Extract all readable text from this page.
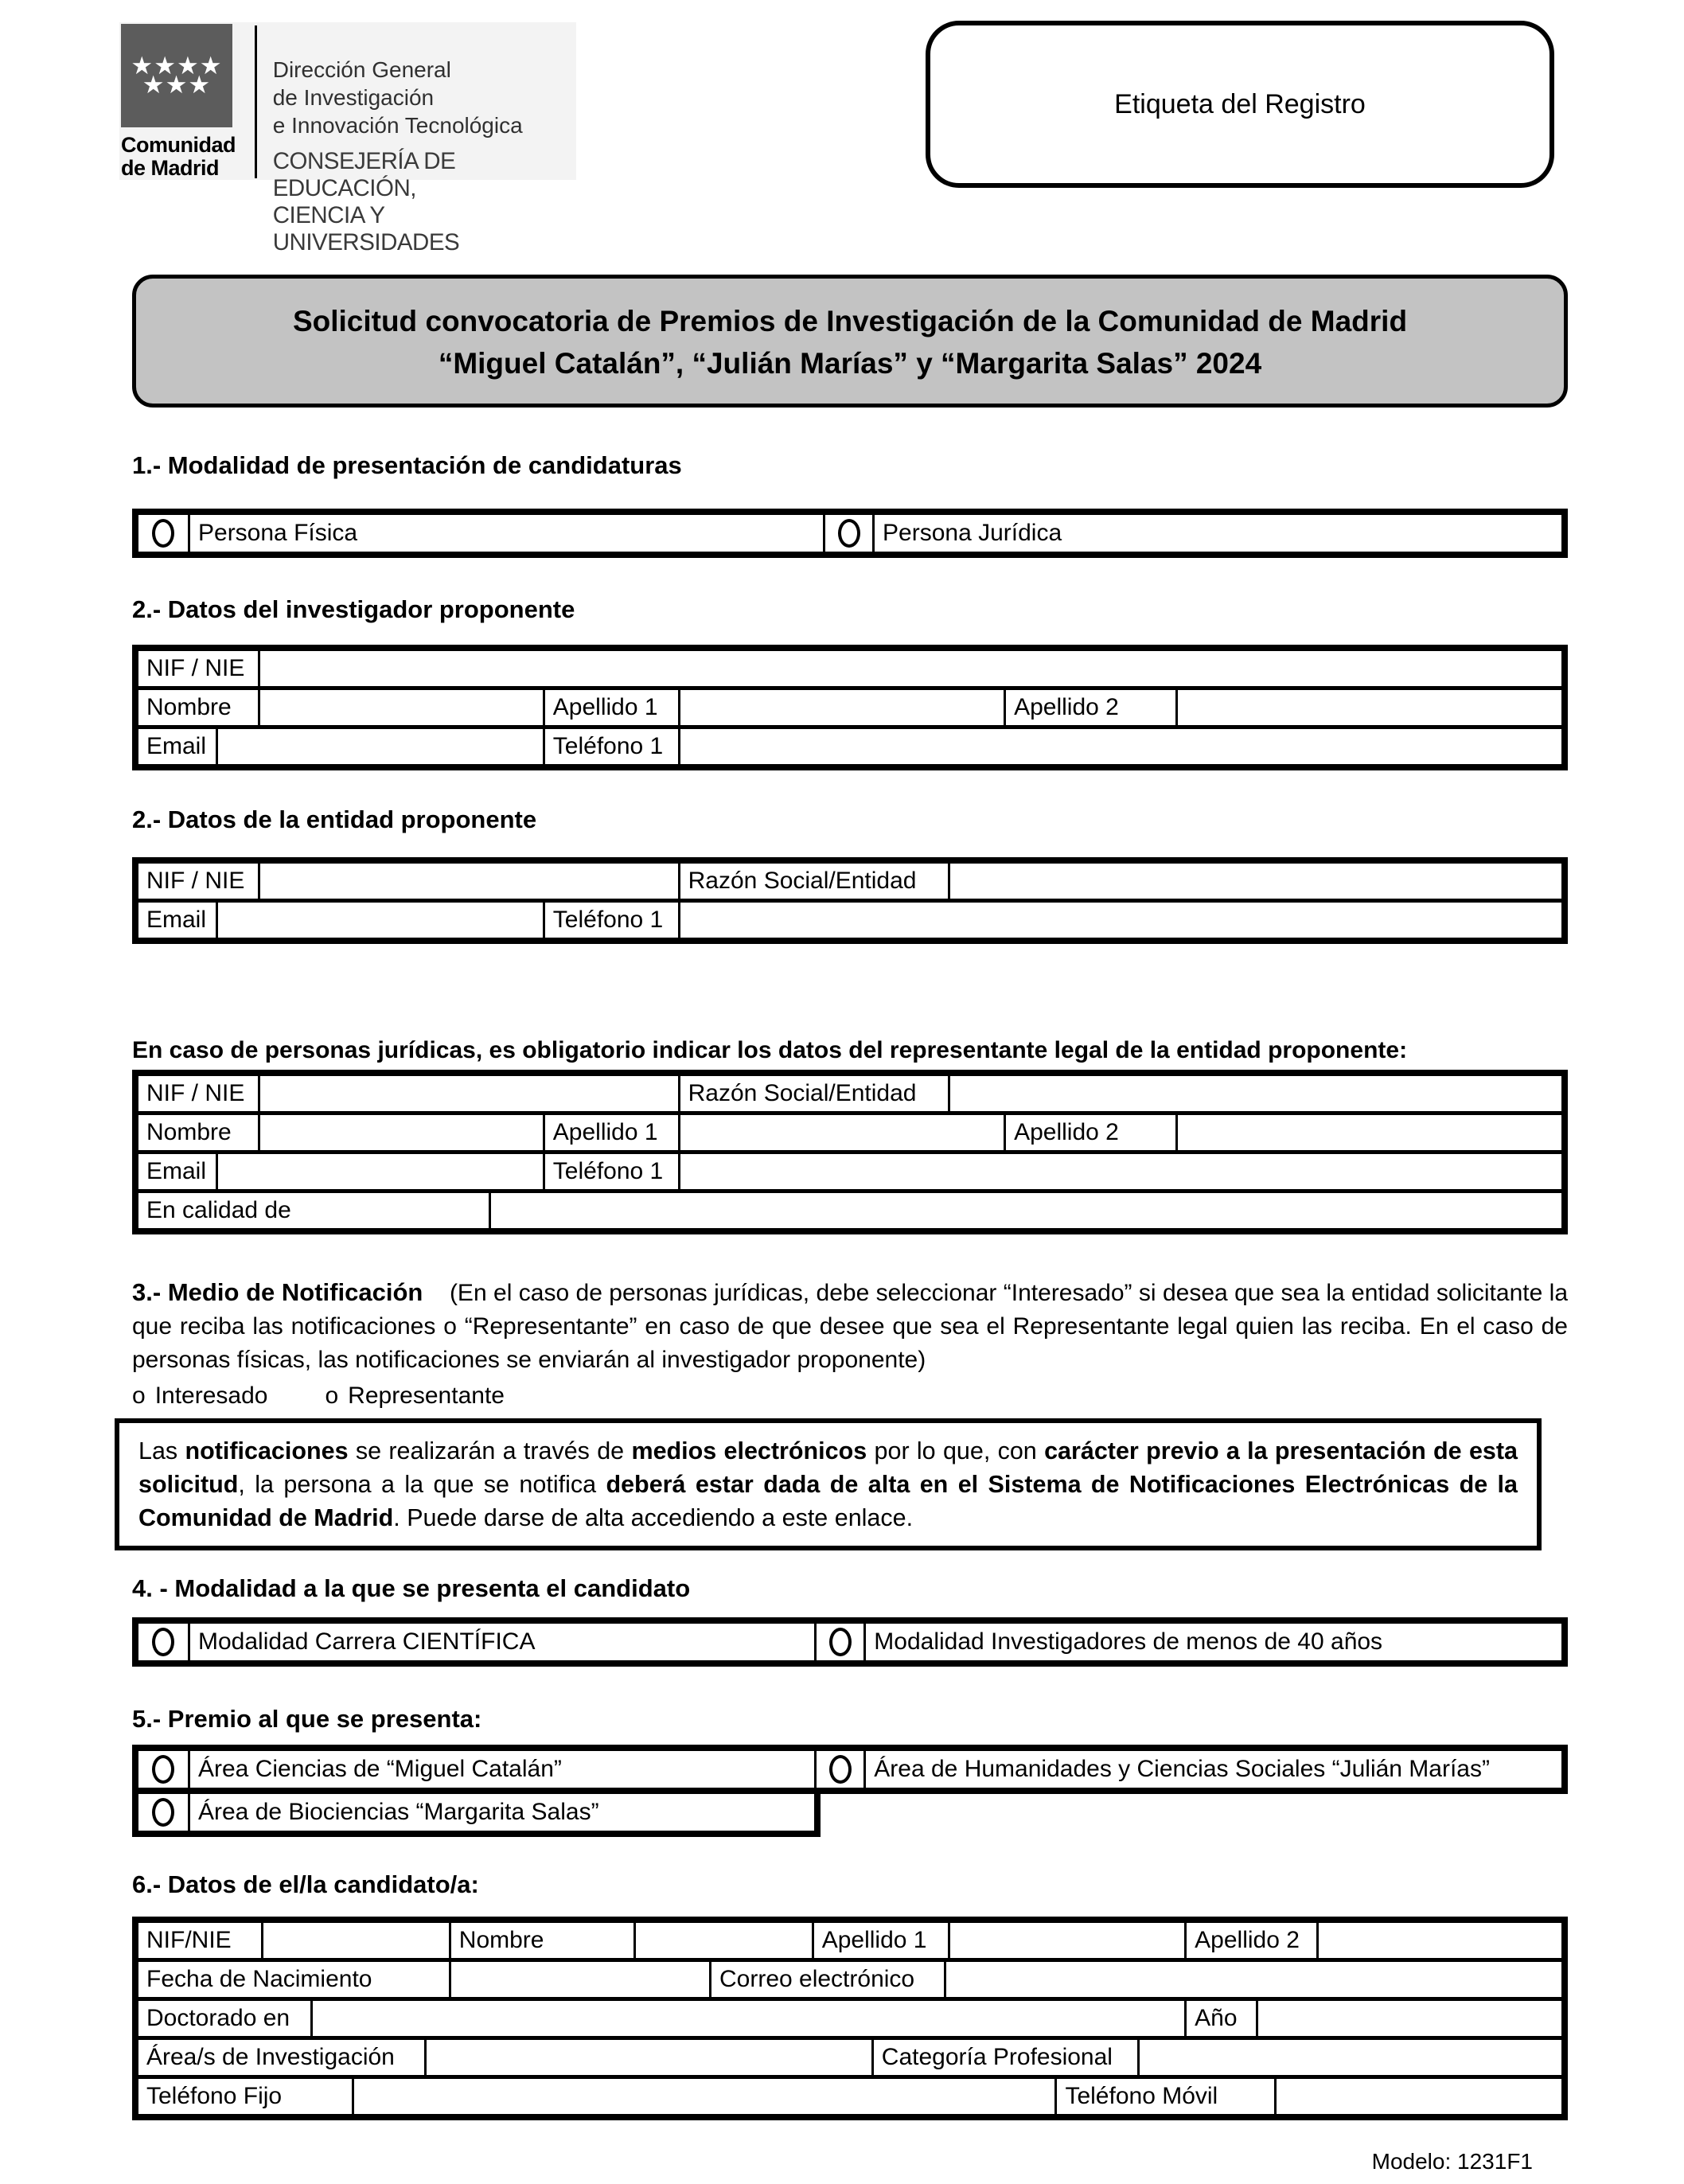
★★★★
★★★
Comunidad
de Madrid
Dirección General
de Investigación
e Innovación Tecnológica
CONSEJERÍA DE EDUCACIÓN,
CIENCIA Y UNIVERSIDADES
Etiqueta del Registro
Solicitud convocatoria de Premios de Investigación de la Comunidad de Madrid
“Miguel Catalán”, “Julián Marías” y “Margarita Salas” 2024
1.- Modalidad de presentación de candidaturas
Persona Física	Persona Jurídica
2.- Datos del investigador proponente
NIF / NIE
Nombre	Apellido 1	Apellido 2
Email	Teléfono 1
2.- Datos de la entidad proponente
NIF / NIE	Razón Social/Entidad
Email	Teléfono 1
En caso de personas jurídicas, es obligatorio indicar los datos del representante legal de la entidad proponente:
NIF / NIE	Razón Social/Entidad
Nombre	Apellido 1	Apellido 2
Email	Teléfono 1
En calidad de
3.- Medio de Notificación (En el caso de personas jurídicas, debe seleccionar “Interesado” si desea que sea la entidad solicitante la que reciba las notificaciones o “Representante” en caso de que desee que sea el Representante legal quien las reciba. En el caso de personas físicas, las notificaciones se enviarán al investigador proponente)
o Interesado o Representante
Las notificaciones se realizarán a través de medios electrónicos por lo que, con carácter previo a la presentación de esta solicitud, la persona a la que se notifica deberá estar dada de alta en el Sistema de Notificaciones Electrónicas de la Comunidad de Madrid. Puede darse de alta accediendo a este enlace.
4. - Modalidad a la que se presenta el candidato
Modalidad Carrera CIENTÍFICA	Modalidad Investigadores de menos de 40 años
5.- Premio al que se presenta:
Área Ciencias de “Miguel Catalán”	Área de Humanidades y Ciencias Sociales “Julián Marías”
Área de Biociencias “Margarita Salas”
6.- Datos de el/la candidato/a:
NIF/NIE	Nombre	Apellido 1	Apellido 2
Fecha de Nacimiento	Correo electrónico
Doctorado en	Año
Área/s de Investigación	Categoría Profesional
Teléfono Fijo	Teléfono Móvil
Modelo: 1231F1
